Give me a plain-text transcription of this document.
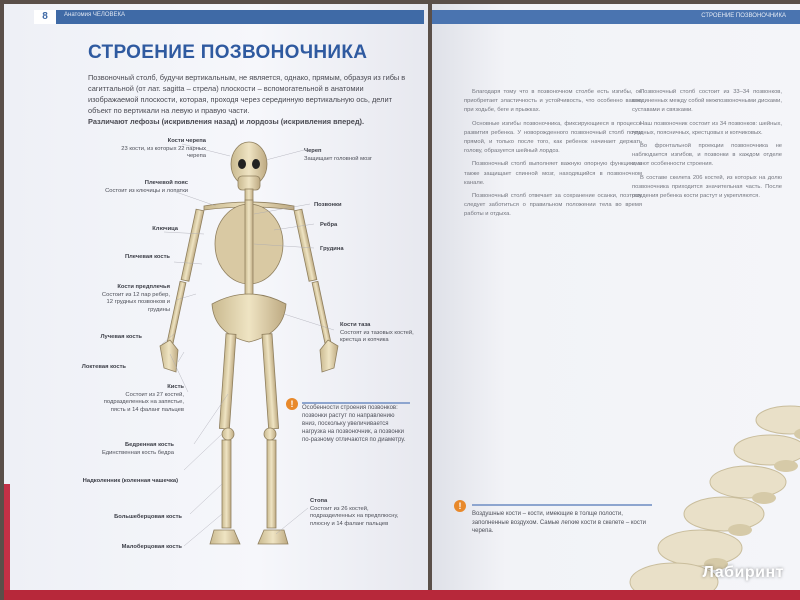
8	Анатомия ЧЕЛОВЕКА
СТРОЕНИЕ ПОЗВОНОЧНИКА
Позвоночный столб, будучи вертикальным, не является, однако, прямым, образуя из гибы в сагиттальной (от лат. sagitta – стрела) плоскости – вспомогательной в анатомии изображаемой плоскости, которая, проходя через серединную вертикальную ось, делит объект по вертикали на левую и правую части.
Различают лефозы (искривления назад) и лордозы (искривления вперед).
Кости черепа
23 кости, из которых 22 парных черепа
Плечевой пояс
Состоит из ключицы и лопатки
Ключица
Плечевая кость
Кости предплечья
Состоит из 12 пар ребер, 12 грудных позвонков и грудины
Лучевая кость
Локтевая кость
Кисть
Состоит из 27 костей, подразделенных на запястье, пясть и 14 фаланг пальцев
Бедренная кость
Единственная кость бедра
Надколенник (коленная чашечка)
Большеберцовая кость
Малоберцовая кость
Череп
Защищает головной мозг
Позвонки
Ребра
Грудина
Кости таза
Состоят из тазовых костей, крестца и копчика
Стопа
Состоит из 26 костей, подразделенных на предплюсну, плюсну и 14 фаланг пальцев
!	Особенности строения позвонков: позвонки растут по направлению вниз, поскольку увеличивается нагрузка на позвоночник, а позвонки по-разному отличаются по диаметру.
СТРОЕНИЕ ПОЗВОНОЧНИКА

Благодаря тому что в позвоночном столбе есть изгибы, он приобретает эластичность и устойчивость, что особенно важно при ходьбе, беге и прыжках.

Основные изгибы позвоночника, фиксирующиеся в процессе развития ребенка. У новорожденного позвоночный столб почти прямой, и только после того, как ребенок начинает держать голову, образуется шейный лордоз.

Позвоночный столб выполняет важную опорную функцию, а также защищает спинной мозг, находящийся в позвоночном канале.

Позвоночный столб отвечает за сохранение осанки, поэтому следует заботиться о правильном положении тела во время работы и отдыха.

Позвоночный столб состоит из 33–34 позвонков, соединенных между собой межпозвоночными дисками, суставами и связками.

Наш позвоночник состоит из 34 позвонков: шейных, грудных, поясничных, крестцовых и копчиковых.

Во фронтальной проекции позвоночника не наблюдается изгибов, и позвонки в каждом отделе имеют особенности строения.

В составе скелета 206 костей, из которых на долю позвоночника приходится значительная часть. После рождения ребенка кости растут и укрепляются.

!
Воздушные кости – кости, имеющие в толще полости, заполненные воздухом. Самые легкие кости в скелете – кости черепа.
Лабиринт
